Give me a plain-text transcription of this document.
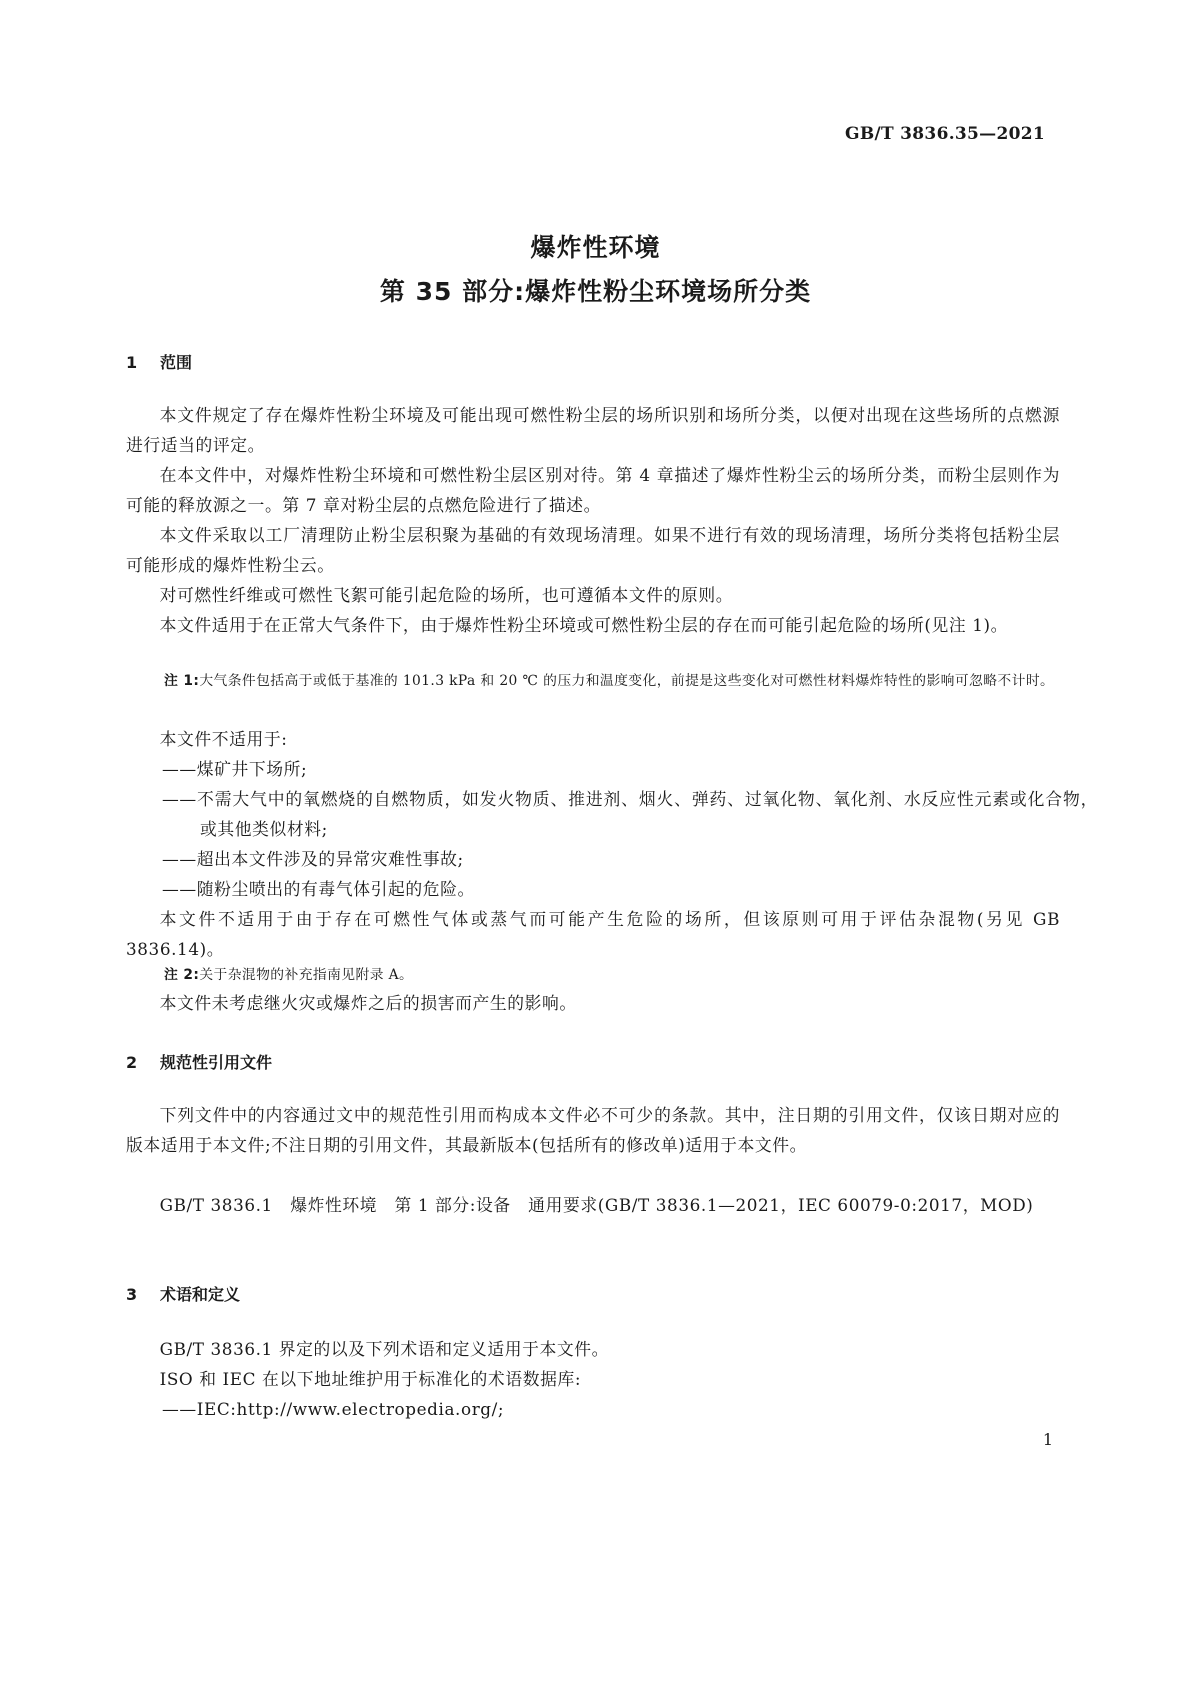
GB/T 3836.35—2021
爆炸性环境
第 35 部分:爆炸性粉尘环境场所分类
1 范围

本文件规定了存在爆炸性粉尘环境及可能出现可燃性粉尘层的场所识别和场所分类，以便对出现在这些场所的点燃源进行适当的评定。

在本文件中，对爆炸性粉尘环境和可燃性粉尘层区别对待。第 4 章描述了爆炸性粉尘云的场所分类，而粉尘层则作为可能的释放源之一。第 7 章对粉尘层的点燃危险进行了描述。

本文件采取以工厂清理防止粉尘层积聚为基础的有效现场清理。如果不进行有效的现场清理，场所分类将包括粉尘层可能形成的爆炸性粉尘云。

对可燃性纤维或可燃性飞絮可能引起危险的场所，也可遵循本文件的原则。

本文件适用于在正常大气条件下，由于爆炸性粉尘环境或可燃性粉尘层的存在而可能引起危险的场所(见注 1)。

注 1:大气条件包括高于或低于基准的 101.3 kPa 和 20 ℃ 的压力和温度变化，前提是这些变化对可燃性材料爆炸特性的影响可忽略不计时。

本文件不适用于:

——煤矿井下场所;

——不需大气中的氧燃烧的自燃物质，如发火物质、推进剂、烟火、弹药、过氧化物、氧化剂、水反应性元素或化合物，或其他类似材料;

——超出本文件涉及的异常灾难性事故;

——随粉尘喷出的有毒气体引起的危险。

本文件不适用于由于存在可燃性气体或蒸气而可能产生危险的场所，但该原则可用于评估杂混物(另见 GB 3836.14)。

注 2:关于杂混物的补充指南见附录 A。

本文件未考虑继火灾或爆炸之后的损害而产生的影响。

2 规范性引用文件

下列文件中的内容通过文中的规范性引用而构成本文件必不可少的条款。其中，注日期的引用文件，仅该日期对应的版本适用于本文件;不注日期的引用文件，其最新版本(包括所有的修改单)适用于本文件。

GB/T 3836.1　爆炸性环境　第 1 部分:设备　通用要求(GB/T 3836.1—2021，IEC 60079-0:2017，MOD)

3 术语和定义

GB/T 3836.1 界定的以及下列术语和定义适用于本文件。

ISO 和 IEC 在以下地址维护用于标准化的术语数据库:

——IEC:http://www.electropedia.org/;

1
